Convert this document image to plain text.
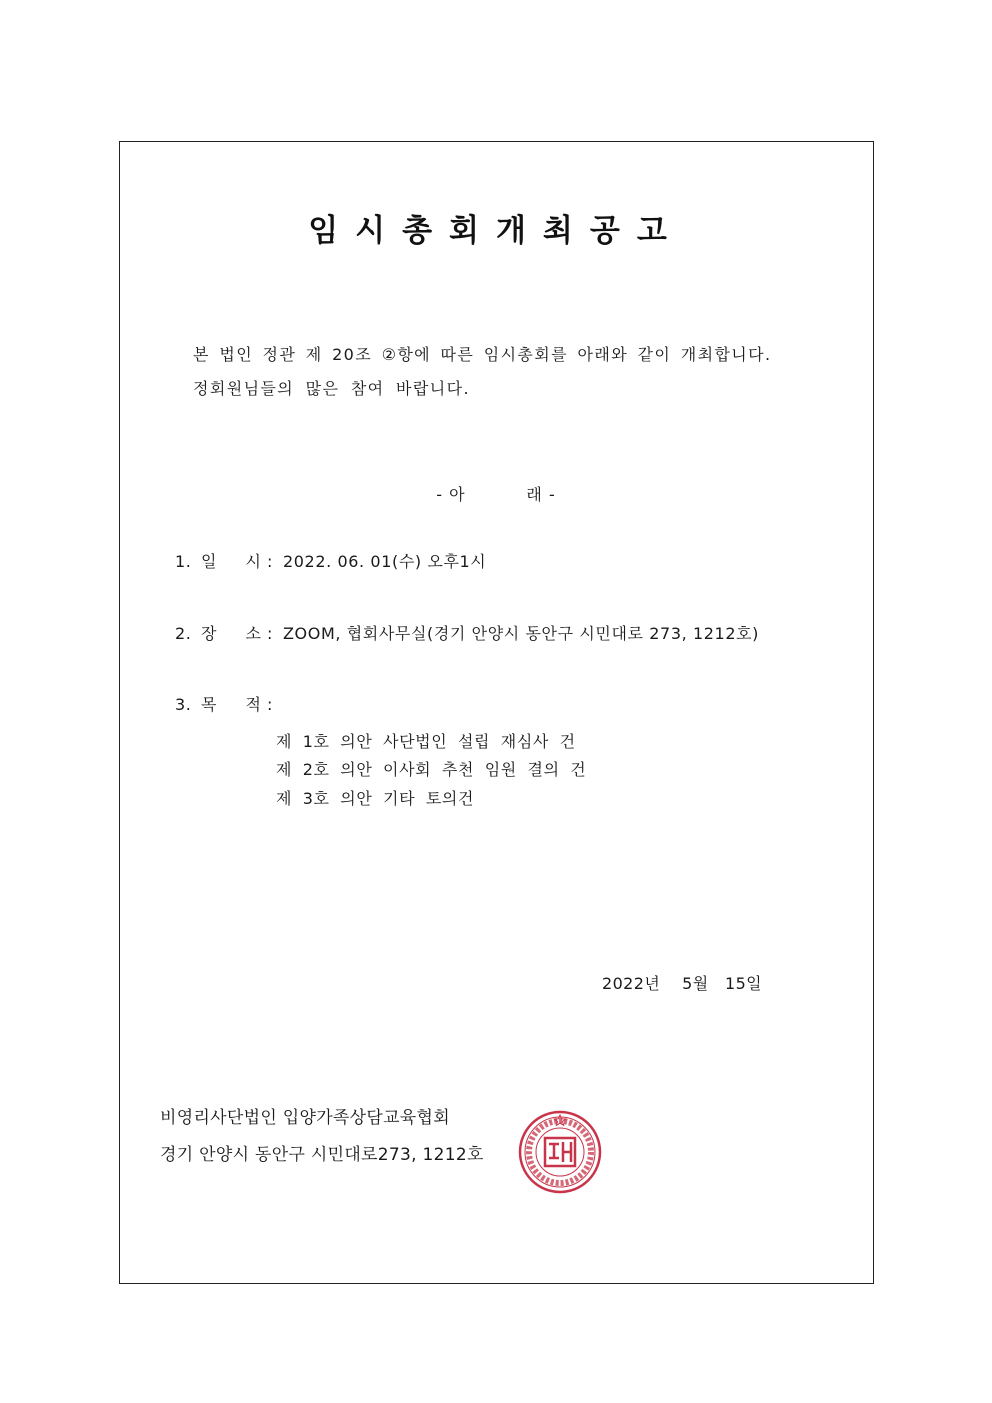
임시총회개최공고
본 법인 정관 제 20조 ②항에 따른 임시총회를 아래와 같이 개최합니다.
정회원님들의 많은 참여 바랍니다.
- 아          래 -
1. 일     시 : 2022. 06. 01(수) 오후1시
2. 장     소 : ZOOM, 협회사무실(경기 안양시 동안구 시민대로 273, 1212호)
3. 목     적 :
제 1호 의안 사단법인 설립 재심사 건
제 2호 의안 이사회 추천 임원 결의 건
제 3호 의안 기타 토의건
2022년    5월   15일
비영리사단법인 입양가족상담교육협회
경기 안양시 동안구 시민대로273, 1212호
